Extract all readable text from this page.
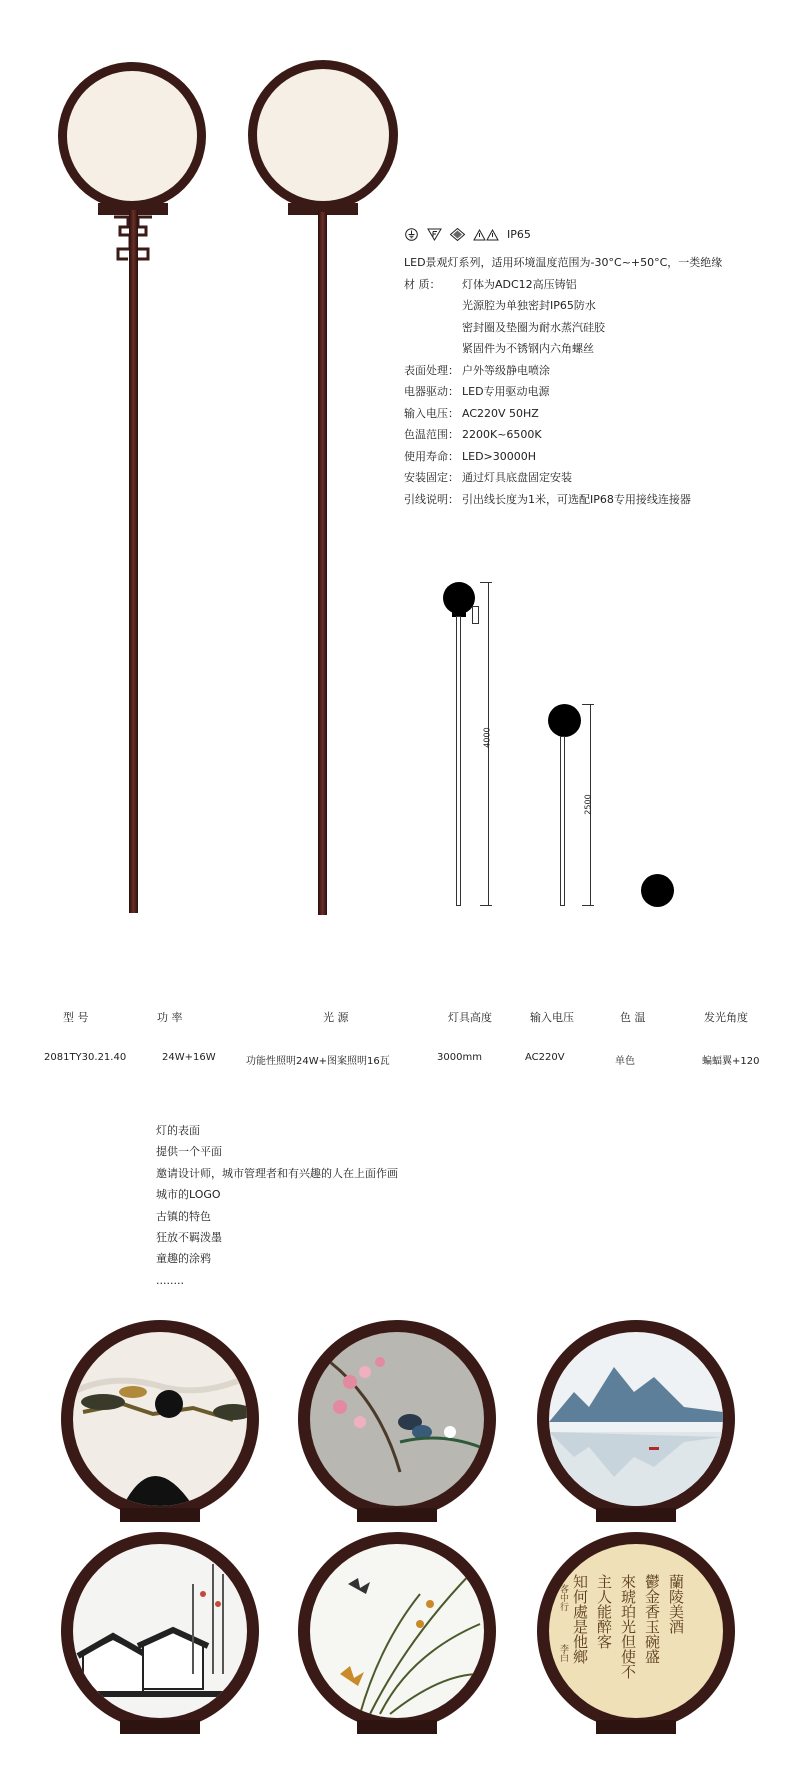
IP65
LED景观灯系列，适用环境温度范围为-30°C~+50°C，一类绝缘
材 质：	灯体为ADC12高压铸铝
光源腔为单独密封IP65防水
密封圈及垫圈为耐水蒸汽硅胶
紧固件为不锈钢内六角螺丝
表面处理： 户外等级静电喷涂
电器驱动： LED专用驱动电源
输入电压： AC220V 50HZ
色温范围： 2200K~6500K
使用寿命： LED>30000H
安装固定： 通过灯具底盘固定安装
引线说明： 引出线长度为1米，可选配IP68专用接线连接器
4000
2500
型 号	功 率	光 源	灯具高度	输入电压	色 温	发光角度
2081TY30.21.40	24W+16W	功能性照明24W+图案照明16瓦	3000mm	AC220V	单色	蝙蝠翼+120
灯的表面
提供一个平面
邀请设计师，城市管理者和有兴趣的人在上面作画
城市的LOGO
古镇的特色
狂放不羁泼墨
童趣的涂鸦
........
蘭陵美酒
鬱金香玉碗盛
來琥珀光但使不
主人能醉客
知何處是他鄉
客中行
李白
